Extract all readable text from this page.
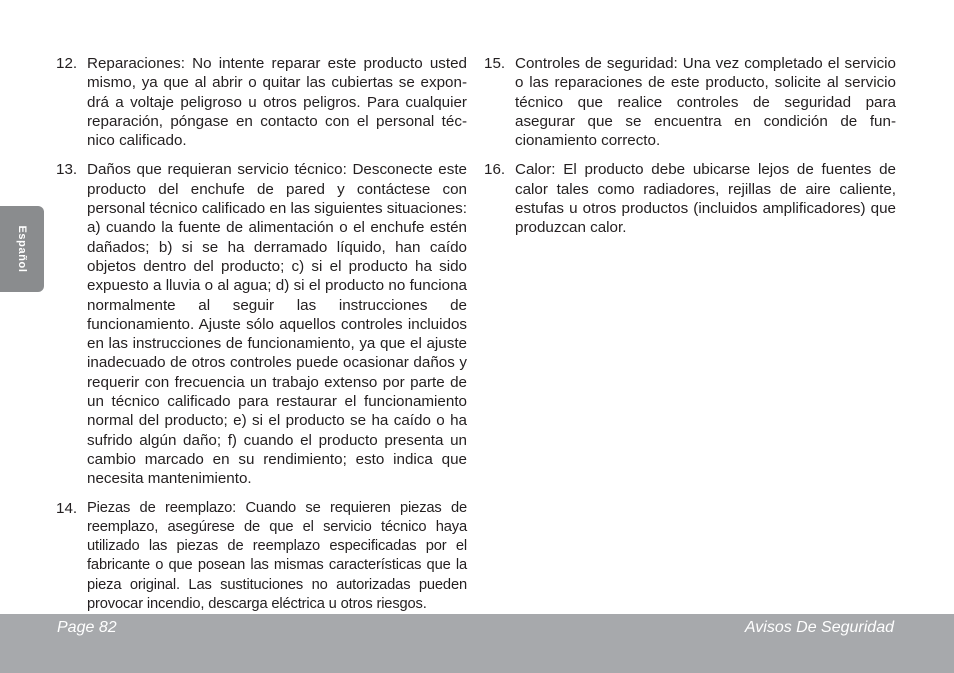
Español
12. Reparaciones: No intente reparar este producto usted mismo, ya que al abrir o quitar las cubiertas se expondrá a voltaje peligroso u otros peligros. Para cualquier reparación, póngase en contacto con el personal técnico calificado.
13. Daños que requieran servicio técnico: Desconecte este producto del enchufe de pared y contáctese con personal técnico calificado en las siguientes situaciones: a) cuando la fuente de alimentación o el enchufe estén dañados; b) si se ha derramado líquido, han caído objetos dentro del producto; c) si el producto ha sido expuesto a lluvia o al agua; d) si el producto no funciona normalmente al seguir las instrucciones de funcionamiento. Ajuste sólo aquellos controles incluidos en las instrucciones de funcionamiento, ya que el ajuste inadecuado de otros controles puede ocasionar daños y requerir con frecuencia un trabajo extenso por parte de un técnico calificado para restaurar el funcionamiento normal del producto; e) si el producto se ha caído o ha sufrido algún daño; f) cuando el producto presenta un cambio marcado en su rendimiento; esto indica que necesita mantenimiento.
14. Piezas de reemplazo: Cuando se requieren piezas de reemplazo, asegúrese de que el servicio técnico haya utilizado las piezas de reemplazo especificadas por el fabricante o que posean las mismas características que la pieza original. Las sustituciones no autorizadas pueden provocar incendio, descarga eléctrica u otros riesgos.
15. Controles de seguridad: Una vez completado el servicio o las reparaciones de este producto, solicite al servicio técnico que realice controles de seguridad para asegurar que se encuentra en condición de funcionamiento correcto.
16. Calor: El producto debe ubicarse lejos de fuentes de calor tales como radiadores, rejillas de aire caliente, estufas u otros productos (incluidos amplificadores) que produzcan calor.
Page 82	Avisos De Seguridad
